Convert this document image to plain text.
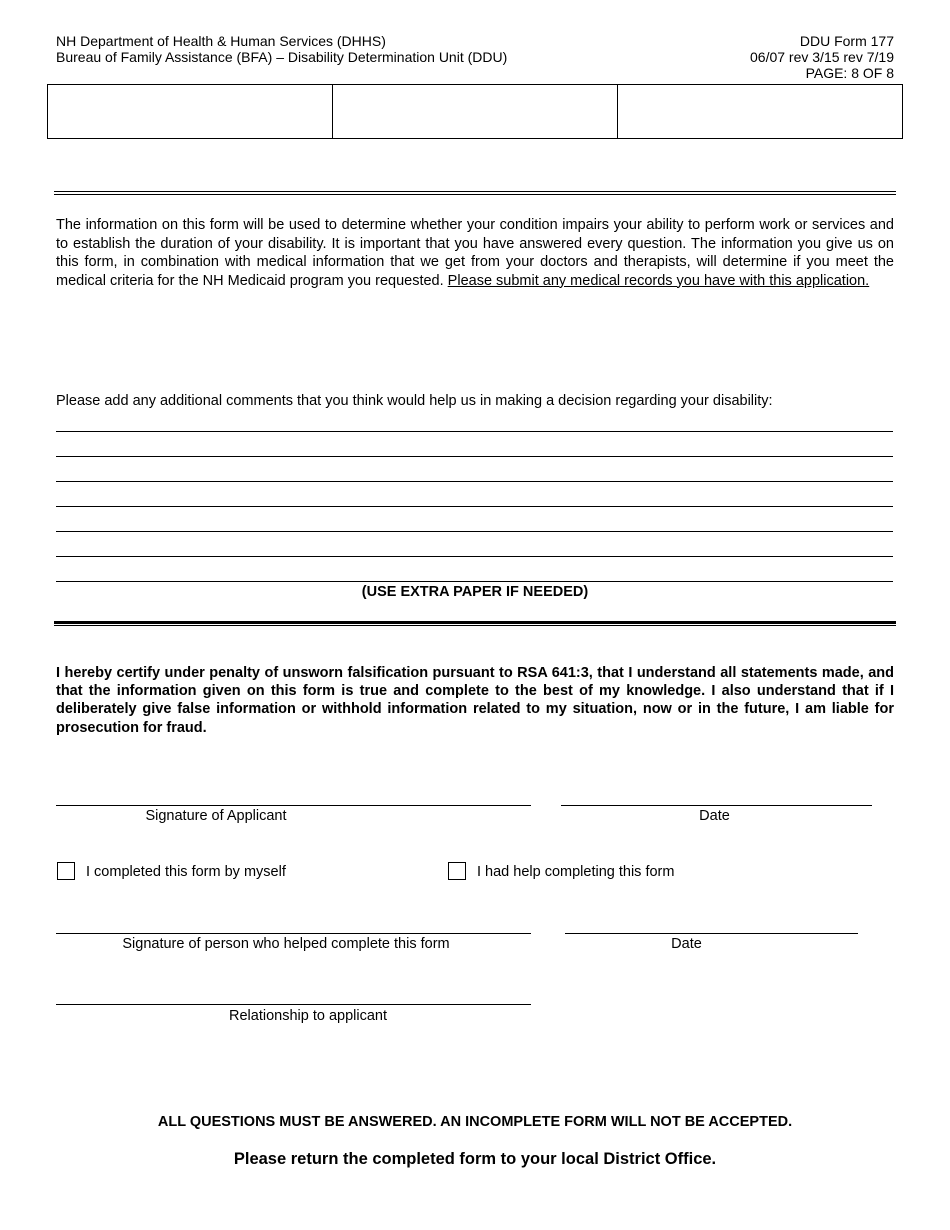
NH Department of Health & Human Services (DHHS)
Bureau of Family Assistance (BFA) – Disability Determination Unit (DDU)
DDU Form 177
06/07 rev 3/15 rev 7/19
PAGE: 8 OF 8
The information on this form will be used to determine whether your condition impairs your ability to perform work or services and to establish the duration of your disability. It is important that you have answered every question. The information you give us on this form, in combination with medical information that we get from your doctors and therapists, will determine if you meet the medical criteria for the NH Medicaid program you requested. Please submit any medical records you have with this application.
Please add any additional comments that you think would help us in making a decision regarding your disability:
(USE EXTRA PAPER IF NEEDED)
I hereby certify under penalty of unsworn falsification pursuant to RSA 641:3, that I understand all statements made, and that the information given on this form is true and complete to the best of my knowledge. I also understand that if I deliberately give false information or withhold information related to my situation, now or in the future, I am liable for prosecution for fraud.
Signature of Applicant	Date
I completed this form by myself	I had help completing this form
Signature of person who helped complete this form	Date
Relationship to applicant
ALL QUESTIONS MUST BE ANSWERED. AN INCOMPLETE FORM WILL NOT BE ACCEPTED.
Please return the completed form to your local District Office.
